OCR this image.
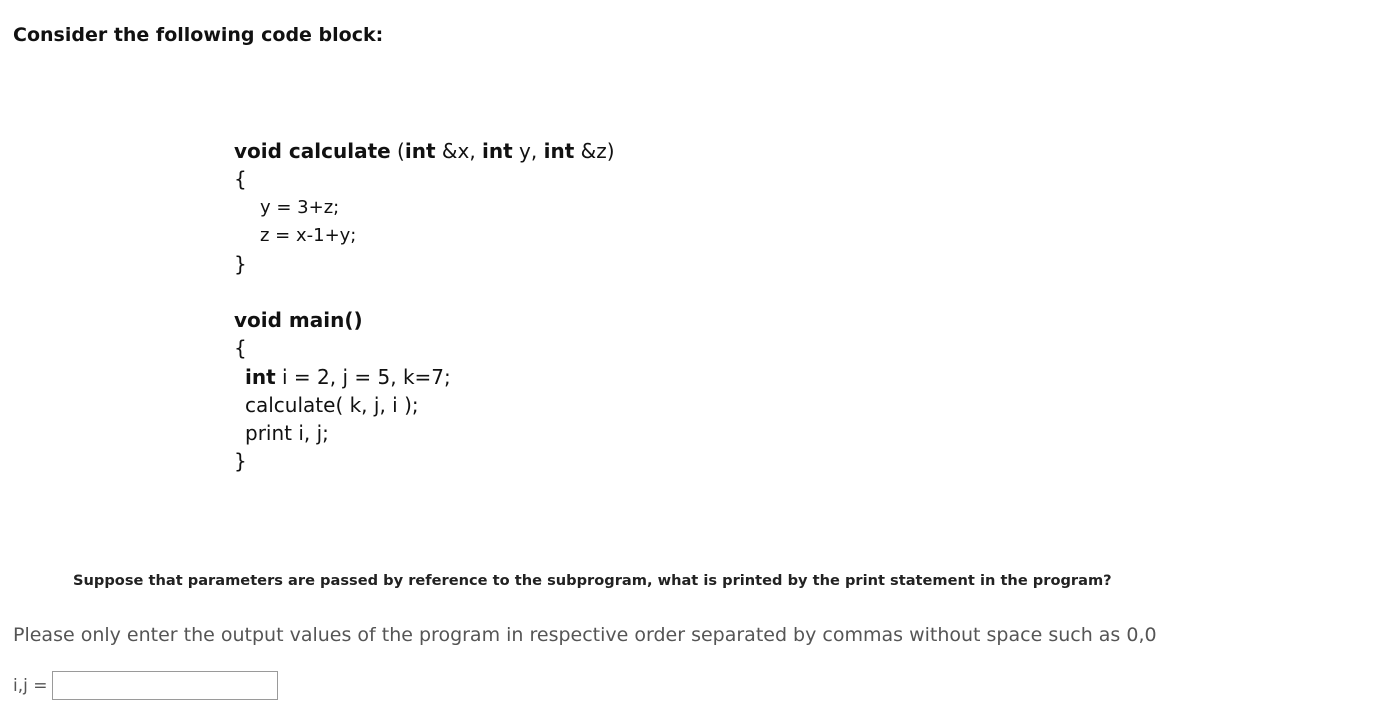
Consider the following code block:
void calculate (int &x, int y, int &z)
{
y = 3+z;
z = x-1+y;
}
void main()
{
int i = 2, j = 5, k=7;
calculate( k, j, i );
print i, j;
}
Suppose that parameters are passed by reference to the subprogram, what is printed by the print statement in the program?
Please only enter the output values of the program in respective order separated by commas without space such as 0,0
i,j =
